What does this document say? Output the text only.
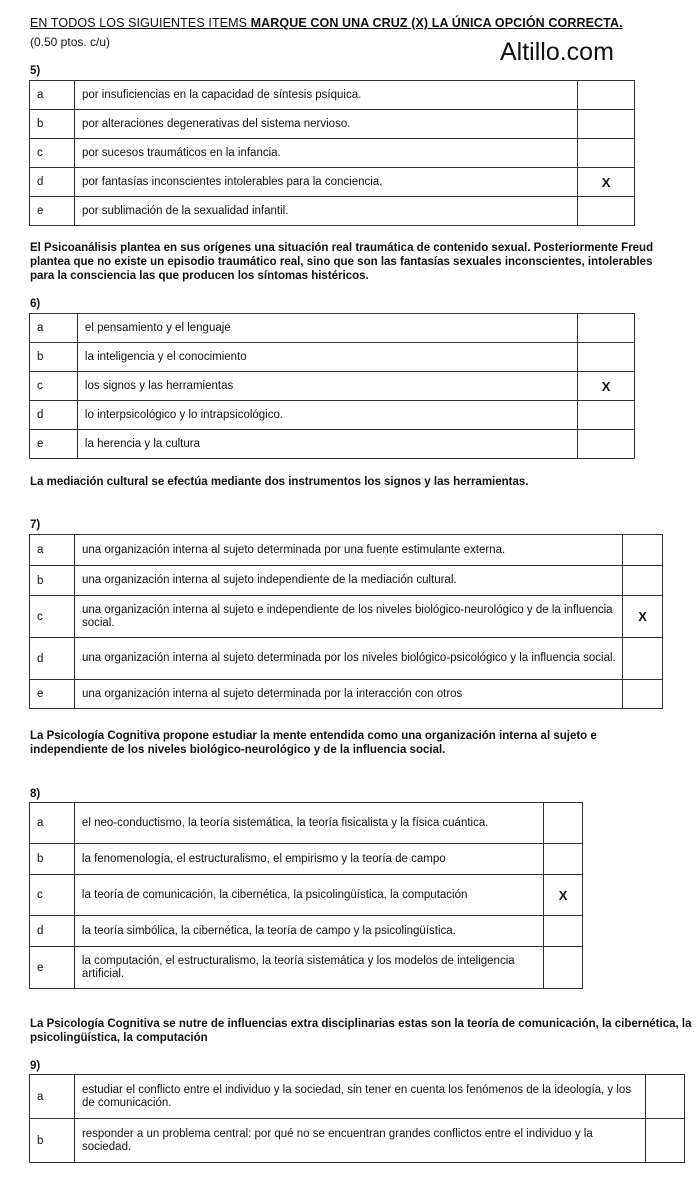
EN TODOS LOS SIGUIENTES ITEMS MARQUE CON UNA CRUZ (X) LA ÚNICA OPCIÓN CORRECTA.
(0.50 ptos. c/u)	Altillo.com
5)
a	por insuficiencias en la capacidad de síntesis psíquica.	
b	por alteraciones degenerativas del sistema nervioso.	
c	por sucesos traumáticos en la infancia.	
d	por fantasías inconscientes intolerables para la conciencia.	X
e	por sublimación de la sexualidad infantil.	
El Psicoanálisis plantea en sus orígenes una situación real traumática de contenido sexual. Posteriormente Freud plantea que no existe un episodio traumático real, sino que son las fantasías sexuales inconscientes, intolerables para la consciencia las que producen los síntomas histéricos.
6)
a	el pensamiento y el lenguaje	
b	la inteligencia y el conocimiento	
c	los signos y las herramientas	X
d	lo interpsicológico y lo intrapsicológico.	
e	la herencia y la cultura	
La mediación cultural se efectúa mediante dos instrumentos los signos y las herramientas.
7)
a	una organización interna al sujeto determinada por una fuente estimulante externa.	
b	una organización interna al sujeto independiente de la mediación cultural.	
c	una organización interna al sujeto e independiente de los niveles biológico-neurológico y de la influencia social.	X
d	una organización interna al sujeto determinada por los niveles biológico-psicológico y la influencia social.	
e	una organización interna al sujeto determinada por la interacción con otros	
La Psicología Cognitiva propone estudiar la mente entendida como una organización interna al sujeto e independiente de los niveles biológico-neurológico y de la influencia social.
8)
a	el neo-conductismo, la teoría sistemática, la teoría fisicalista y la física cuántica.	
b	la fenomenología, el estructuralismo, el empirismo y la teoría de campo	
c	la teoría de comunicación, la cibernética, la psicolingüística, la computación	X
d	la teoría simbólica, la cibernética, la teoría de campo y la psicolingüística.	
e	la computación, el estructuralismo, la teoría sistemática y los modelos de inteligencia artificial.	
La Psicología Cognitiva se nutre de influencias extra disciplinarias estas son la teoría de comunicación, la cibernética, la psicolingüística, la computación
9)
a	estudiar el conflicto entre el individuo y la sociedad, sin tener en cuenta los fenómenos de la ideología, y los de comunicación.	
b	responder a un problema central: por qué no se encuentran grandes conflictos entre el individuo y la sociedad.	
